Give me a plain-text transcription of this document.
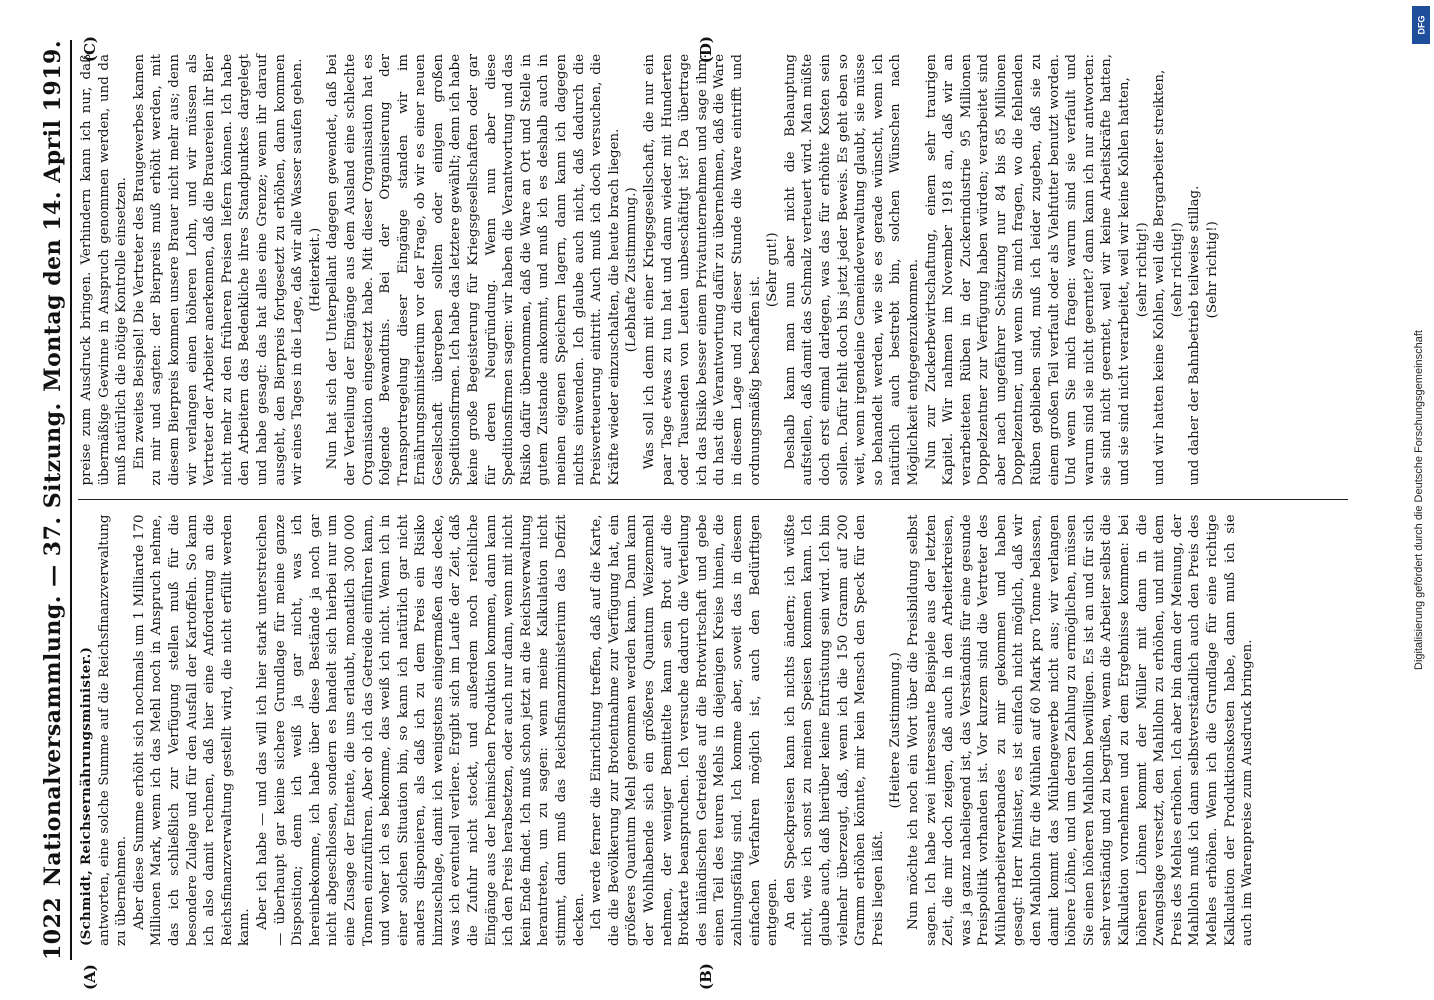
1022
Nationalversammlung. — 37. Sitzung.
Montag den 14. April 1919.
(A)	(B)

(Schmidt, Reichsernährungsminister.) antworten, eine solche Summe auf die Reichsfinanzverwaltung zu übernehmen. Aber diese Summe erhöht sich nochmals um 1 Milliarde 170 Millionen Mark, wenn ich das Mehl noch in Anspruch nehme, das ich schließlich zur Verfügung stellen muß für die besondere Zulage und für den Ausfall der Kartoffeln. So kann ich also damit rechnen, daß hier eine Anforderung an die Reichsfinanzverwaltung gestellt wird, die nicht erfüllt werden kann. Aber ich habe — und das will ich hier stark unterstreichen — überhaupt gar keine sichere Grundlage für meine ganze Disposition; denn ich weiß ja gar nicht, was ich hereinbekomme, ich habe über diese Bestände ja noch gar nicht abgeschlossen, sondern es handelt sich hierbei nur um eine Zusage der Entente, die uns erlaubt, monatlich 300 000 Tonnen einzuführen. Aber ob ich das Getreide einführen kann, und woher ich es bekomme, das weiß ich nicht. Wenn ich in einer solchen Situation bin, so kann ich natürlich gar nicht anders disponieren, als daß ich zu dem Preis ein Risiko hinzuschlage, damit ich wenigstens einigermaßen das decke, was ich eventuell verliere. Ergibt sich im Laufe der Zeit, daß die Zufuhr nicht stockt, und außerdem noch reichliche Eingänge aus der heimischen Produktion kommen, dann kann ich den Preis herabsetzen, oder auch nur dann, wenn mit nicht kein Ende findet. Ich muß schon jetzt an die Reichsverwaltung herantreten, um zu sagen: wenn meine Kalkulation nicht stimmt, dann muß das Reichsfinanzministerium das Defizit decken. Ich werde ferner die Einrichtung treffen, daß auf die Karte, die die Bevölkerung zur Brotentnahme zur Verfügung hat, ein größeres Quantum Mehl genommen werden kann. Dann kann der Wohlhabende sich ein größeres Quantum Weizenmehl nehmen, der weniger Bemittelte kann sein Brot auf die Brotkarte beanspruchen. Ich versuche dadurch die Verteilung des inländischen Getreides auf die Brotwirtschaft und gebe einen Teil des teuren Mehls in diejenigen Kreise hinein, die zahlungsfähig sind. Ich komme aber, soweit das in diesem einfachen Verfahren möglich ist, auch den Bedürftigen entgegen. An den Speckpreisen kann ich nichts ändern; ich wüßte nicht, wie ich sonst zu meinen Speisen kommen kann. Ich glaube auch, daß hierüber keine Entrüstung sein wird. Ich bin vielmehr überzeugt, daß, wenn ich die 150 Gramm auf 200 Gramm erhöhen könnte, mir kein Mensch den Speck für den Preis liegen läßt.

(Heitere Zustimmung.) Nun möchte ich noch ein Wort über die Preisbildung selbst sagen. Ich habe zwei interessante Beispiele aus der letzten Zeit, die mir doch zeigen, daß auch in den Arbeiterkreisen, was ja ganz naheliegend ist, das Verständnis für eine gesunde Preispolitik vorhanden ist. Vor kurzem sind die Vertreter des Mühlenarbeiterverbandes zu mir gekommen und haben gesagt: Herr Minister, es ist einfach nicht möglich, daß wir den Mahllohn für die Mühlen auf 60 Mark pro Tonne belassen, damit kommt das Mühlengewerbe nicht aus; wir verlangen höhere Löhne, und um deren Zahlung zu ermöglichen, müssen Sie einen höheren Mahllohn bewilligen. Es ist an und für sich sehr verständig und zu begrüßen, wenn die Arbeiter selbst die Kalkulation vornehmen und zu dem Ergebnisse kommen: bei höheren Löhnen kommt der Müller mit dann in die Zwangslage versetzt, den Mahllohn zu erhöhen, und mit dem Preis des Mehles erhöhen. Ich aber bin dann der Meinung, der Mahllohn muß ich dann selbstverständlich auch den Preis des Mehles erhöhen. Wenn ich die Grundlage für eine richtige Kalkulation der Produktionskosten habe, dann muß ich sie auch im Warenpreise zum Ausdruck bringen.

(C)	(D)

preise zum Ausdruck bringen. Verhindern kann ich nur, daß übermäßige Gewinne in Anspruch genommen werden, und da muß natürlich die nötige Kontrolle einsetzen. Ein zweites Beispiel! Die Vertreter des Braugewerbes kamen zu mir und sagten: der Bierpreis muß erhöht werden, mit diesem Bierpreis kommen unsere Brauer nicht mehr aus; denn wir verlangen einen höheren Lohn, und wir müssen als Vertreter der Arbeiter anerkennen, daß die Brauereien ihr Bier nicht mehr zu den früheren Preisen liefern können. Ich habe den Arbeitern das Bedenkliche ihres Standpunktes dargelegt und habe gesagt: das hat alles eine Grenze; wenn ihr darauf ausgeht, den Bierpreis fortgesetzt zu erhöhen, dann kommen wir eines Tages in die Lage, daß wir alle Wasser saufen gehen. (Heiterkeit.) Nun hat sich der Unterpellant dagegen gewendet, daß bei der Verteilung der Eingänge aus dem Ausland eine schlechte Organisation eingesetzt habe. Mit dieser Organisation hat es folgende Bewandtnis. Bei der Organisierung der Transportregelung dieser Eingänge standen wir im Ernährungsministerium vor der Frage, ob wir es einer neuen Gesellschaft übergeben sollten oder einigen großen Speditionsfirmen. Ich habe das letztere gewählt; denn ich habe keine große Begeisterung für Kriegsgesellschaften oder gar für deren Neugründung. Wenn nun aber diese Speditionsfirmen sagen: wir haben die Verantwortung und das Risiko dafür übernommen, daß die Ware an Ort und Stelle in gutem Zustande ankommt, und muß ich es deshalb auch in meinen eigenen Speichern lagern, dann kann ich dagegen nichts einwenden. Ich glaube auch nicht, daß dadurch die Preisverteuerung eintritt. Auch muß ich doch versuchen, die Kräfte wieder einzuschalten, die heute brach liegen. (Lebhafte Zustimmung.) Was soll ich denn mit einer Kriegsgesellschaft, die nur ein paar Tage etwas zu tun hat und dann wieder mit Hunderten oder Tausenden von Leuten unbeschäftigt ist? Da übertrage ich das Risiko besser einem Privatunternehmen und sage ihm: du hast die Verantwortung dafür zu übernehmen, daß die Ware in diesem Lage und zu dieser Stunde die Ware eintrifft und ordnungsmäßig beschaffen ist.

(Sehr gut!) Deshalb kann man nun aber nicht die Behauptung aufstellen, daß damit das Schmalz verteuert wird. Man müßte doch erst einmal darlegen, was das für erhöhte Kosten sein sollen. Dafür fehlt doch bis jetzt jeder Beweis. Es geht eben so weit, wenn irgendeine Gemeindeverwaltung glaubt, sie müsse so behandelt werden, wie sie es gerade wünscht, wenn ich natürlich auch bestrebt bin, solchen Wünschen nach Möglichkeit entgegenzukommen. Nun zur Zuckerbewirtschaftung, einem sehr traurigen Kapitel. Wir nahmen im November 1918 an, daß wir an verarbeiteten Rüben in der Zuckerindustrie 95 Millionen Doppelzentner zur Verfügung haben würden; verarbeitet sind aber nach ungefährer Schätzung nur 84 bis 85 Millionen Doppelzentner, und wenn Sie mich fragen, wo die fehlenden Rüben geblieben sind, muß ich leider zugeben, daß sie zu einem großen Teil verfault oder als Viehfutter benutzt worden. Und wenn Sie mich fragen: warum sind sie verfault und warum sind sie nicht geerntet? dann kann ich nur antworten: sie sind nicht geerntet, weil wir keine Arbeitskräfte hatten, und sie sind nicht verarbeitet, weil wir keine Kohlen hatten, (sehr richtig!) und wir hatten keine Kohlen, weil die Bergarbeiter streikten, (sehr richtig!) und daher der Bahnbetrieb teilweise stillag. (Sehr richtig!)

DFG
Digitalisierung gefördert durch die Deutsche Forschungsgemeinschaft
